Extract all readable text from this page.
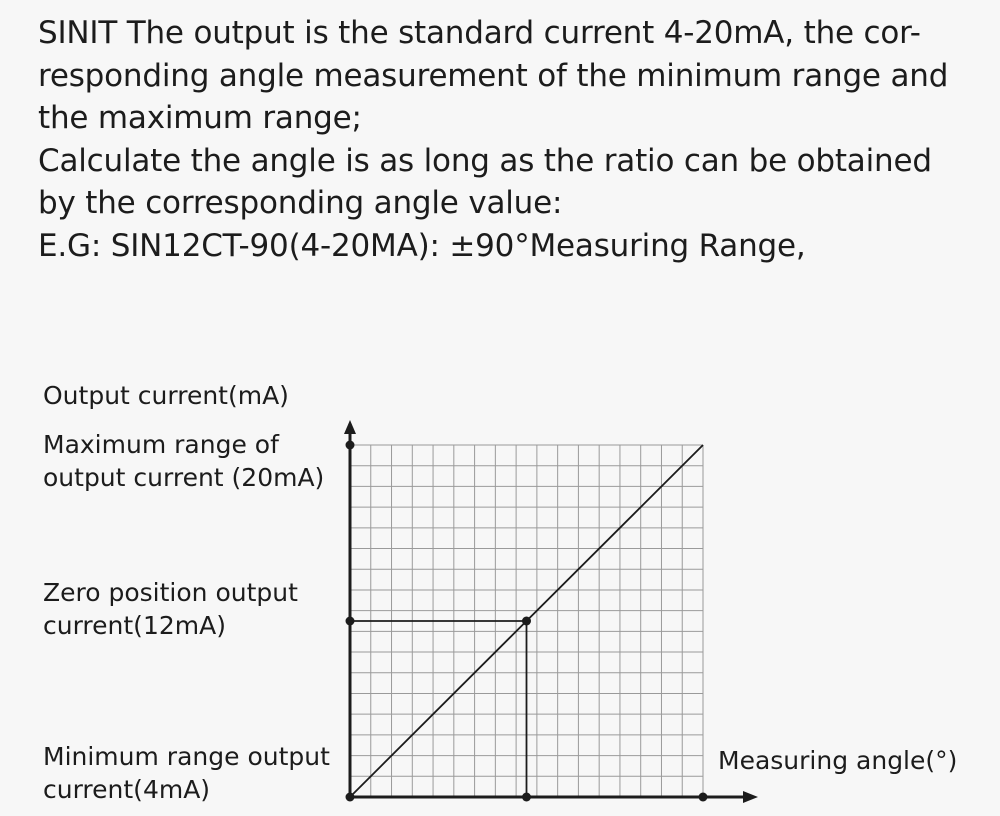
SINIT The output is the standard current 4-20mA, the cor-

responding angle measurement of the minimum range and

the maximum range;

Calculate the angle is as long as the ratio can be obtained

by the corresponding angle value:

E.G: SIN12CT-90(4-20MA): ±90°Measuring Range,

Output current(mA)
Maximum range of
output current (20mA)
Zero position output
current(12mA)
Minimum range output
current(4mA)
Measuring angle(°)
